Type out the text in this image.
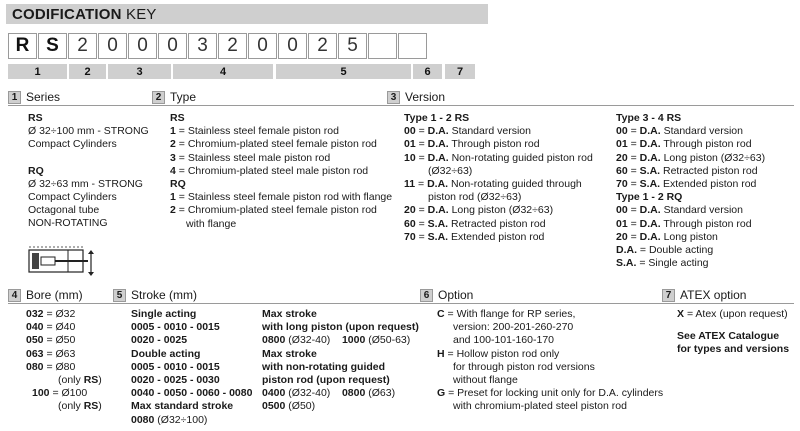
CODIFICATION KEY
R S 2	0	0	0	3	2	0	0	2	5
1	2	3	4	5	6	7
1 Series	2 Type	3 Version
RS
Ø 32÷100 mm - STRONG
Compact Cylinders
RQ
Ø 32÷63 mm - STRONG
Compact Cylinders
Octagonal tube
NON-ROTATING
RS
1 = Stainless steel female piston rod
2 = Chromium-plated steel female piston rod
3 = Stainless steel male piston rod
4 = Chromium-plated steel male piston rod
RQ
1 = Stainless steel female piston rod with flange
2 = Chromium-plated steel female piston rod
with flange
Type 1 - 2 RS
00 = D.A. Standard version
01 = D.A. Through piston rod
10 = D.A. Non-rotating guided piston rod
(Ø32÷63)
11 = D.A. Non-rotating guided through
piston rod (Ø32÷63)
20 = D.A. Long piston (Ø32÷63)
60 = S.A. Retracted piston rod
70 = S.A. Extended piston rod
Type 3 - 4 RS
00 = D.A. Standard version
01 = D.A. Through piston rod
20 = D.A. Long piston (Ø32÷63)
60 = S.A. Retracted piston rod
70 = S.A. Extended piston rod
Type 1 - 2 RQ
00 = D.A. Standard version
01 = D.A. Through piston rod
20 = D.A. Long piston
D.A. = Double acting
S.A. = Single acting
4 Bore (mm)	5 Stroke (mm)	6 Option	7 ATEX option
032 = Ø32
040 = Ø40
050 = Ø50
063 = Ø63
080 = Ø80
(only RS)
100 = Ø100
(only RS)
Single acting
0005 - 0010 - 0015
0020 - 0025
Double acting
0005 - 0010 - 0015
0020 - 0025 - 0030
0040 - 0050 - 0060 - 0080
Max standard stroke
0080 (Ø32÷100)
Max stroke
with long piston (upon request)
0800 (Ø32-40) 1000 (Ø50-63)
Max stroke
with non-rotating guided
piston rod (upon request)
0400 (Ø32-40) 0800 (Ø63)
0500 (Ø50)
C = With flange for RP series,
version: 200-201-260-270
and 100-101-160-170
H = Hollow piston rod only
for through piston rod versions
without flange
G = Preset for locking unit only for D.A. cylinders
with chromium-plated steel piston rod
X = Atex (upon request)
See ATEX Catalogue
for types and versions
